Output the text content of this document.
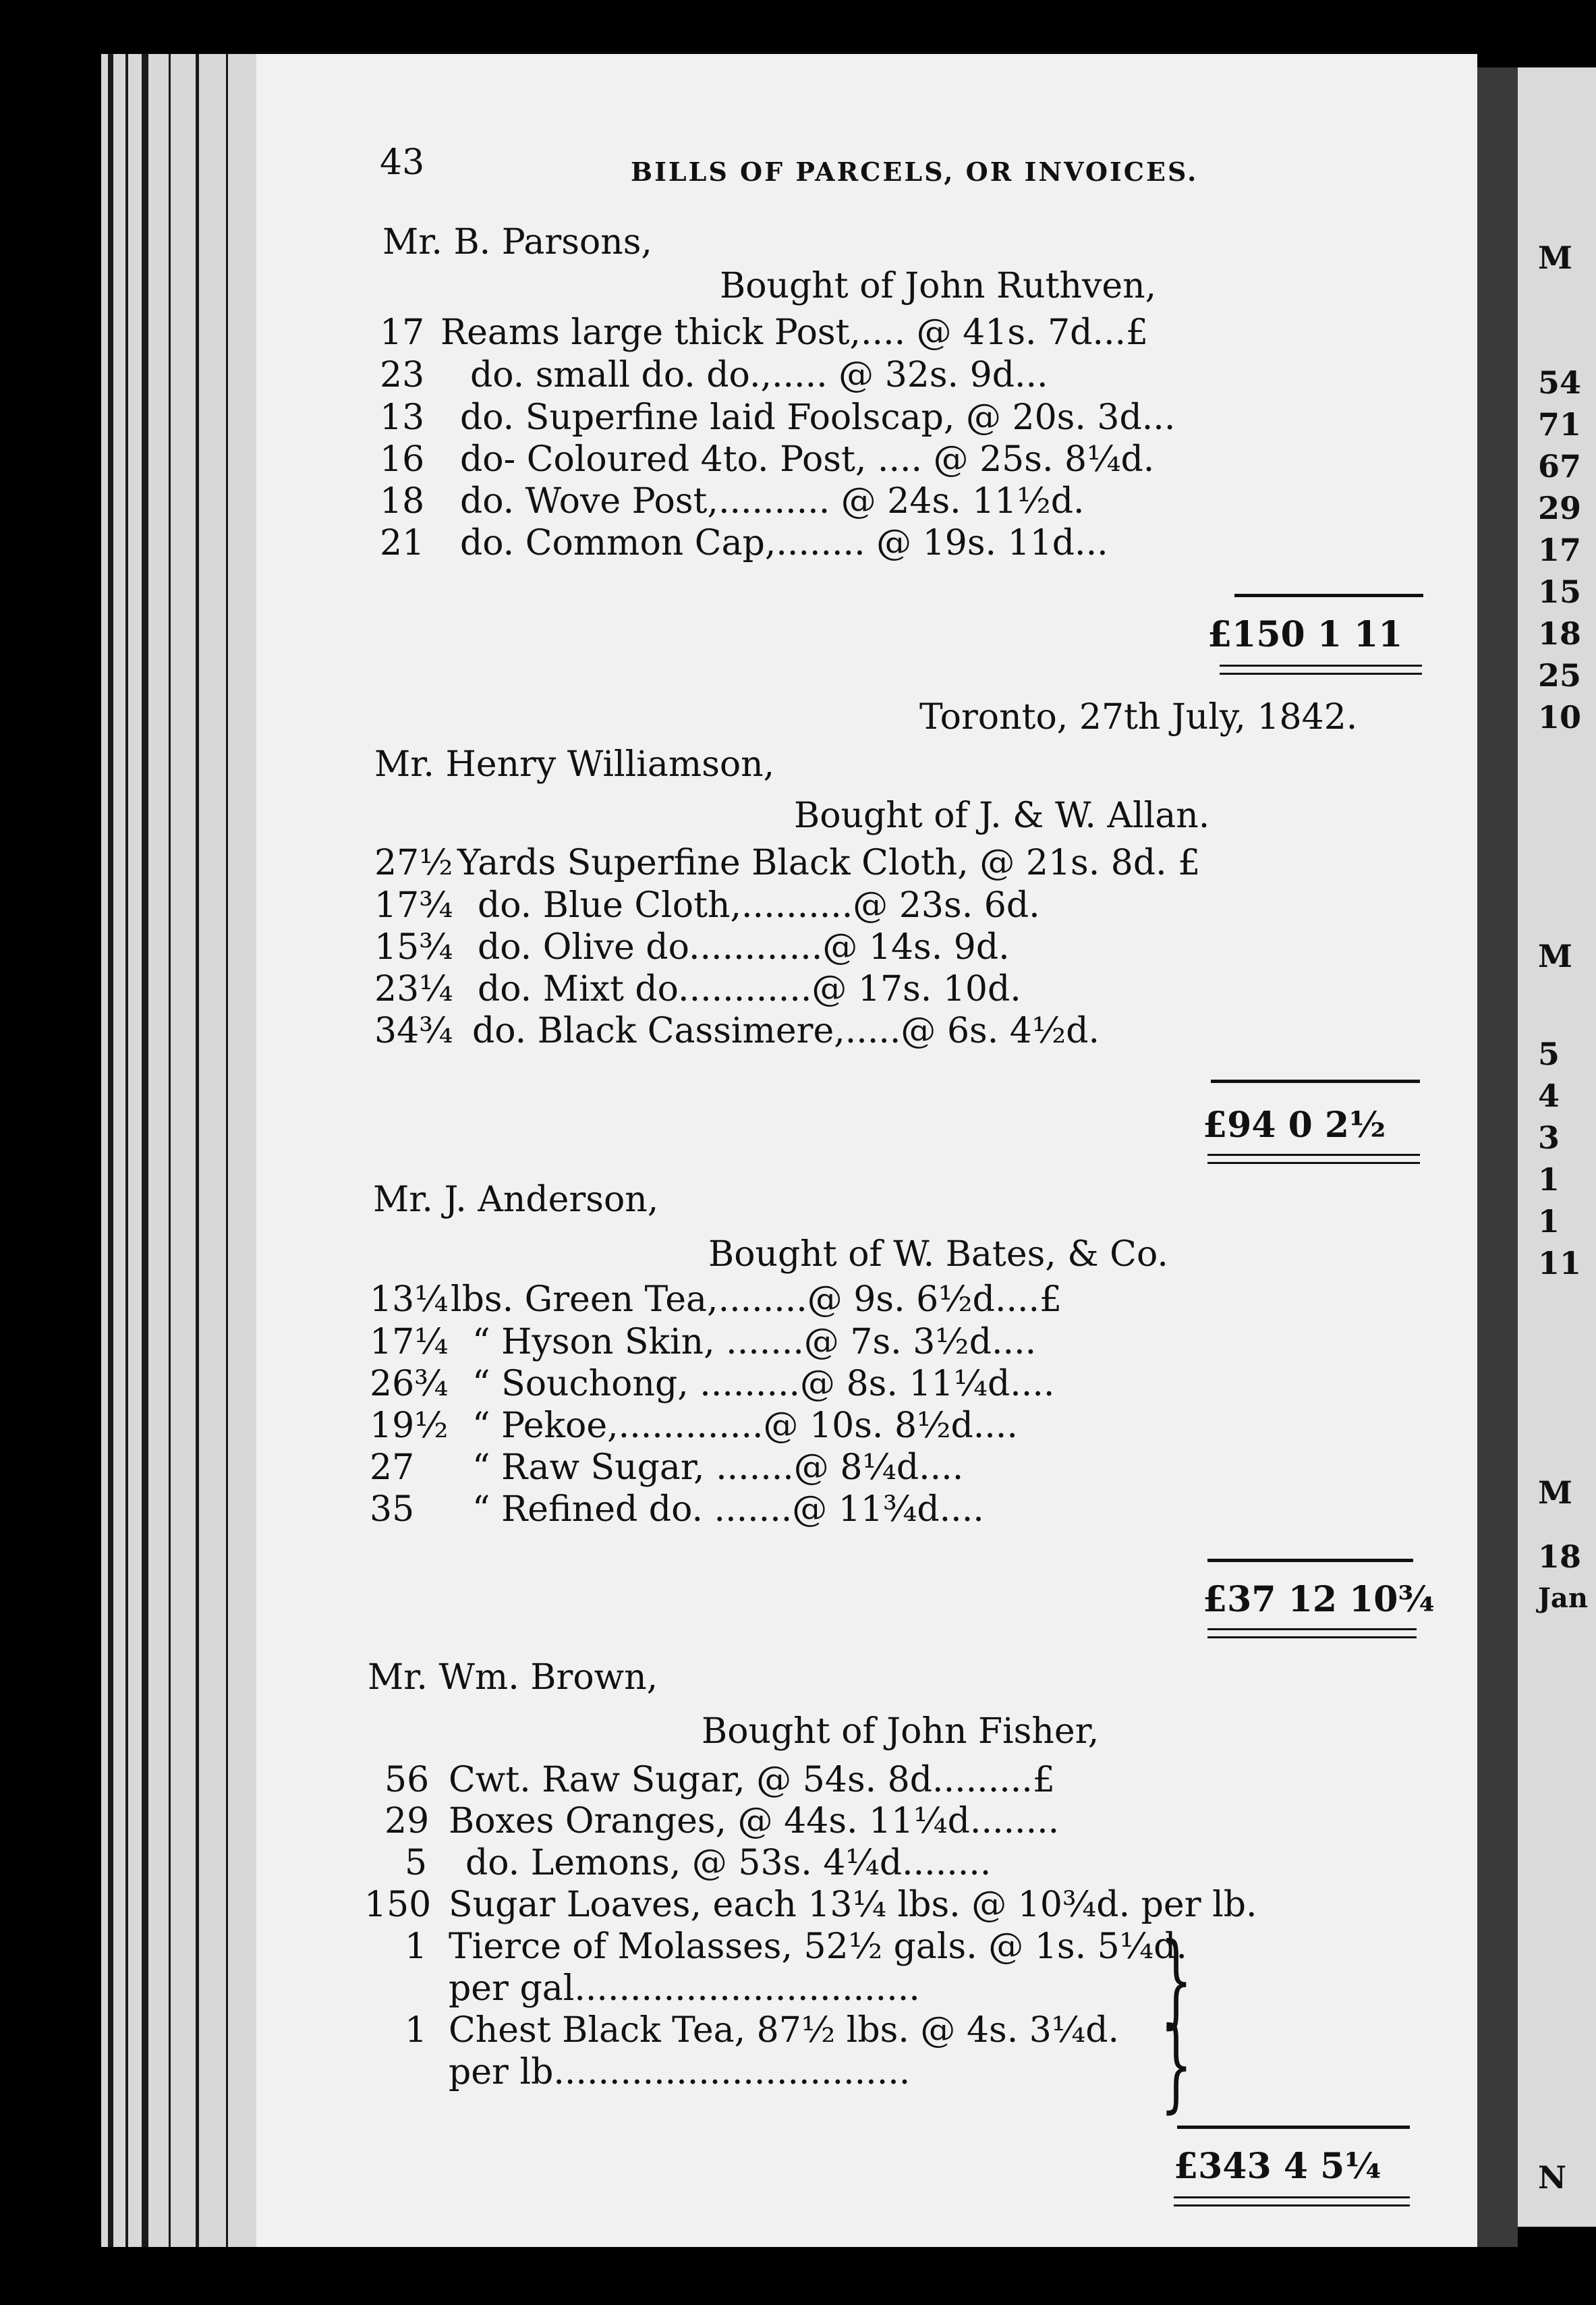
M
54
71
67
29
17
15
18
25
10
M
5
4
3
1
1
11
M
18
Jan
N
43	BILLS OF PARCELS, OR INVOICES.
Mr. B. Parsons,
Bought of John Ruthven,
17 Reams large thick Post,.... @ 41s. 7d...£
23 do. small do. do.,..... @ 32s. 9d...
13 do. Superfine laid Foolscap, @ 20s. 3d...
16 do- Coloured 4to. Post, .... @ 25s. 8¼d.
18 do. Wove Post,.......... @ 24s. 11½d.
21 do. Common Cap,........ @ 19s. 11d...
£150 1 11
Toronto, 27th July, 1842.
Mr. Henry Williamson,
Bought of J. & W. Allan.
27½ Yards Superfine Black Cloth, @ 21s. 8d. £
17¾ do. Blue Cloth,..........@ 23s. 6d.
15¾ do. Olive do............@ 14s. 9d.
23¼ do. Mixt do............@ 17s. 10d.
34¾ do. Black Cassimere,.....@ 6s. 4½d.
£94 0 2½
Mr. J. Anderson,
Bought of W. Bates, & Co.
13¼ lbs. Green Tea,........@ 9s. 6½d....£
17¼ “ Hyson Skin, .......@ 7s. 3½d....
26¾ “ Souchong, .........@ 8s. 11¼d....
19½ “ Pekoe,.............@ 10s. 8½d....
27 “ Raw Sugar, .......@ 8¼d....
35 “ Refined do. .......@ 11¾d....
£37 12 10¾
Mr. Wm. Brown,
Bought of John Fisher,
56 Cwt. Raw Sugar, @ 54s. 8d.........£
29 Boxes Oranges, @ 44s. 11¼d........
5 do. Lemons, @ 53s. 4¼d........
150 Sugar Loaves, each 13¼ lbs. @ 10¾d. per lb.
1 Tierce of Molasses, 52½ gals. @ 1s. 5¼d.
per gal...............................
1 Chest Black Tea, 87½ lbs. @ 4s. 3¼d.
per lb................................
}
}
£343 4 5¼
